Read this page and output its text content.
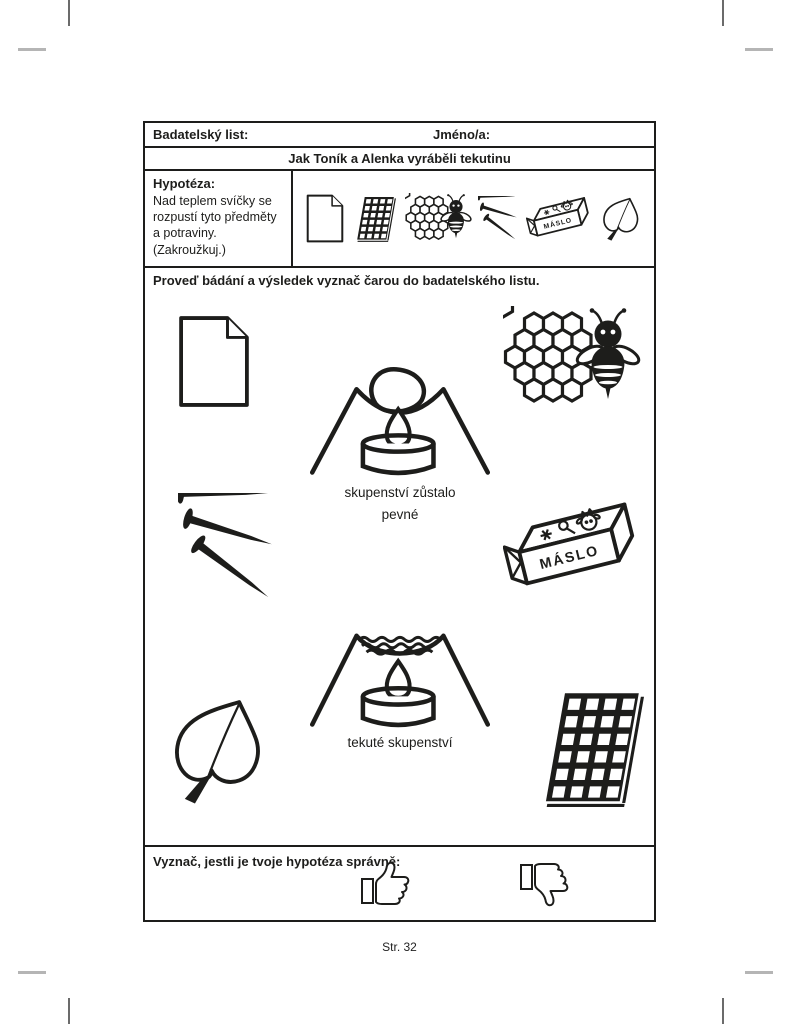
Badatelský list:	Jméno/a:
Jak Toník a Alenka vyráběli tekutinu
Hypotéza:
Nad teplem svíčky se
rozpustí tyto předměty
a potraviny.
(Zakroužkuj.)
Proveď bádání a výsledek vyznač čarou do badatelského listu.
skupenství zůstalo
pevné
tekuté skupenství
Vyznač, jestli je tvoje hypotéza správně:
Str. 32
